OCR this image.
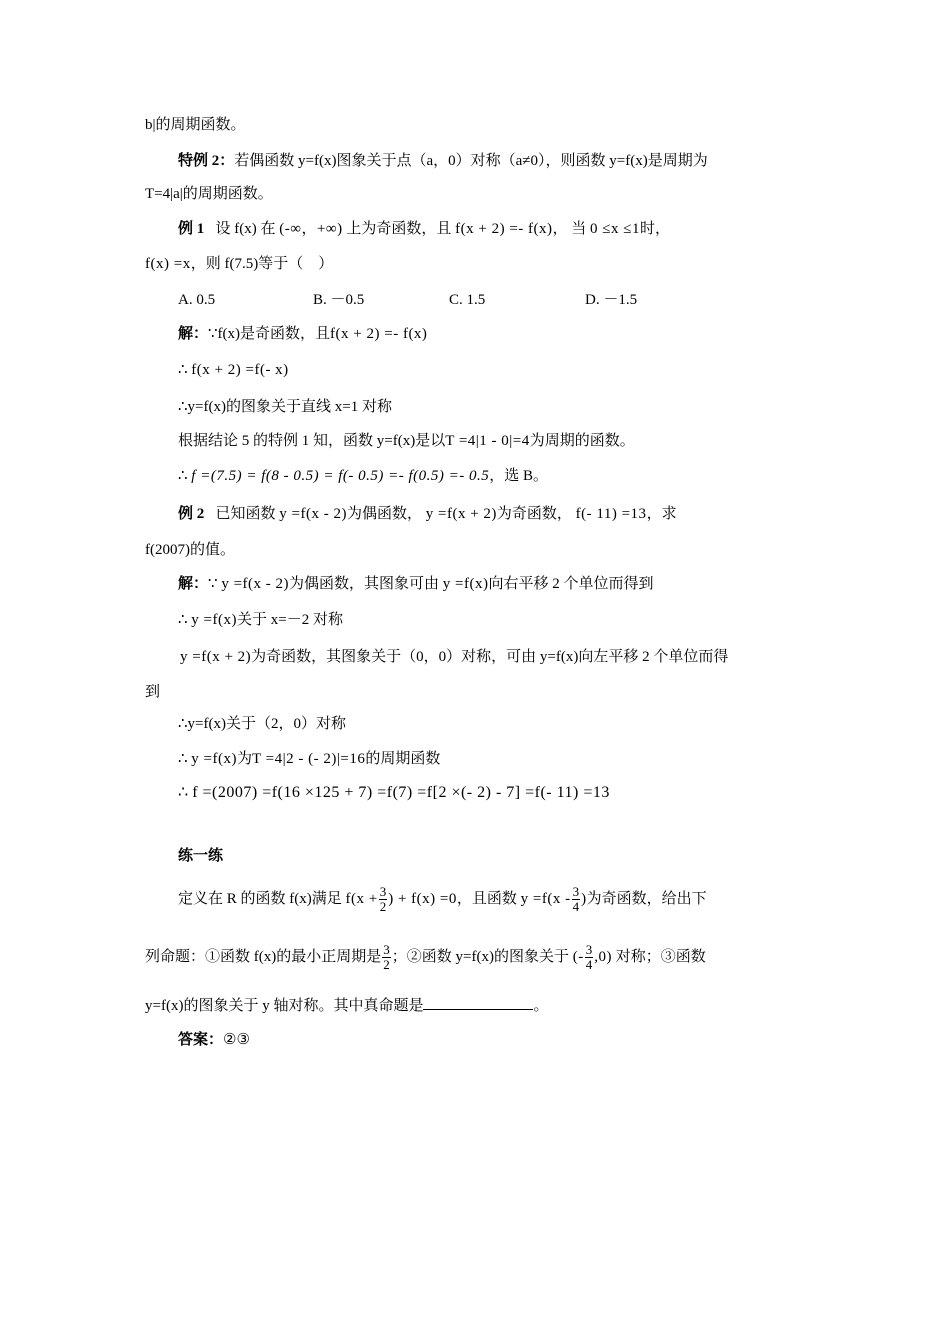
b|的周期函数。
特例 2：若偶函数 y=f(x)图象关于点（a，0）对称（a≠0），则函数 y=f(x)是周期为
T=4|a|的周期函数。
例 1 设 f(x) 在 (-∞，+∞) 上为奇函数，且 f(x + 2) =- f(x)， 当 0 ≤x ≤1时，
f(x) =x，则 f(7.5)等于（　）
A. 0.5	B. －0.5	C. 1.5	D. －1.5
解：∵f(x)是奇函数，且f(x + 2) =- f(x)
∴ f(x + 2) =f(- x)
∴y=f(x)的图象关于直线 x=1 对称
根据结论 5 的特例 1 知，函数 y=f(x)是以T =4|1 - 0|=4为周期的函数。
∴ f =(7.5) = f(8 - 0.5) = f(- 0.5) =- f(0.5) =- 0.5，选 B。
例 2 已知函数 y =f(x - 2)为偶函数， y =f(x + 2)为奇函数， f(- 11) =13，求
f(2007)的值。
解：∵ y =f(x - 2)为偶函数，其图象可由 y =f(x)向右平移 2 个单位而得到
∴ y =f(x)关于 x=－2 对称
y =f(x + 2)为奇函数，其图象关于（0，0）对称，可由 y=f(x)向左平移 2 个单位而得
到
∴y=f(x)关于（2，0）对称
∴ y =f(x)为T =4|2 - (- 2)|=16的周期函数
∴ f =(2007) =f(16 ×125 + 7) =f(7) =f[2 ×(- 2) - 7] =f(- 11) =13
练一练
定义在 R 的函数 f(x)满足 $f(x + \frac{3}{2}$ ) + f(x) =0，且函数 $y =f(x - \frac{3}{4}$ )为奇函数，给出下
列命题：①函数 f(x)的最小正周期是 $\frac{3}{2}$ ；②函数 y=f(x)的图象关于 (- $\frac{3}{4} ,0$) 对称；③函数
y=f(x)的图象关于 y 轴对称。其中真命题是	。
答案：②③
